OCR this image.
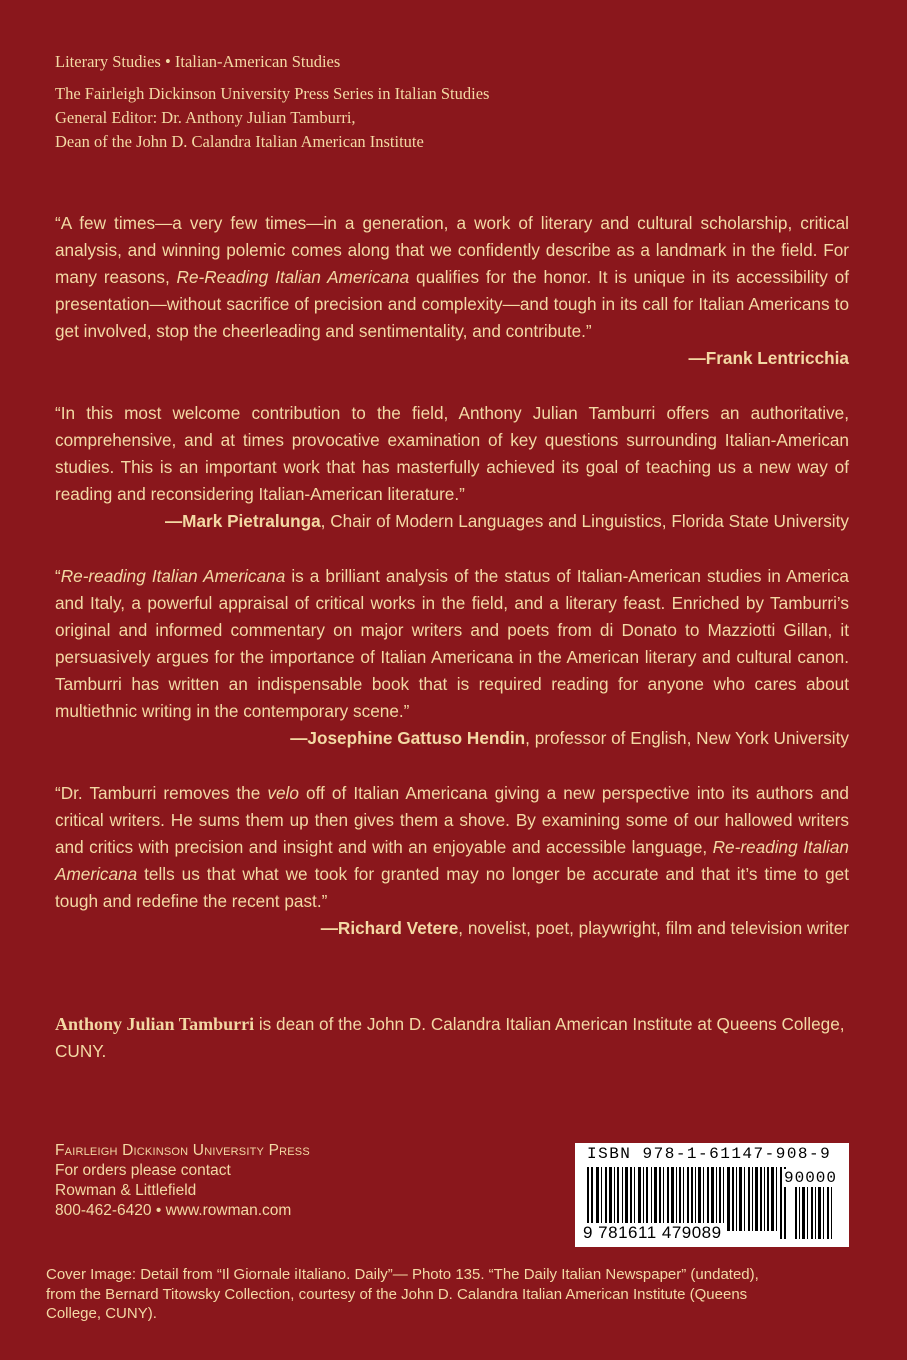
Literary Studies • Italian-American Studies
The Fairleigh Dickinson University Press Series in Italian Studies
General Editor: Dr. Anthony Julian Tamburri,
Dean of the John D. Calandra Italian American Institute

“A few times—a very few times—in a generation, a work of literary and cultural scholarship, critical analysis, and winning polemic comes along that we confidently describe as a landmark in the field. For many reasons, Re-Reading Italian Americana qualifies for the honor. It is unique in its accessibility of presentation—without sacrifice of precision and complexity—and tough in its call for Italian Americans to get involved, stop the cheerleading and sentimentality, and contribute.”

—Frank Lentricchia

“In this most welcome contribution to the field, Anthony Julian Tamburri offers an authoritative, comprehensive, and at times provocative examination of key questions surrounding Italian-American studies. This is an important work that has masterfully achieved its goal of teaching us a new way of reading and reconsidering Italian-American literature.”

—Mark Pietralunga, Chair of Modern Languages and Linguistics, Florida State University

“Re-reading Italian Americana is a brilliant analysis of the status of Italian-American studies in America and Italy, a powerful appraisal of critical works in the field, and a literary feast. Enriched by Tamburri’s original and informed commentary on major writers and poets from di Donato to Mazziotti Gillan, it persuasively argues for the importance of Italian Americana in the American literary and cultural canon. Tamburri has written an indispensable book that is required reading for anyone who cares about multiethnic writing in the contemporary scene.”

—Josephine Gattuso Hendin, professor of English, New York University

“Dr. Tamburri removes the velo off of Italian Americana giving a new perspective into its authors and critical writers. He sums them up then gives them a shove. By examining some of our hallowed writers and critics with precision and insight and with an enjoyable and accessible language, Re-reading Italian Americana tells us that what we took for granted may no longer be accurate and that it’s time to get tough and redefine the recent past.”

—Richard Vetere, novelist, poet, playwright, film and television writer
Anthony Julian Tamburri is dean of the John D. Calandra Italian American Institute at Queens College, CUNY.
Fairleigh Dickinson University Press
For orders please contact
Rowman & Littlefield
800-462-6420 • www.rowman.com
ISBN 978-1-61147-908-9
90000
9 781611 479089
Cover Image: Detail from “Il Giornale iItaliano. Daily”— Photo 135. “The Daily Italian Newspaper” (undated), from the Bernard Titowsky Collection, courtesy of the John D. Calandra Italian American Institute (Queens College, CUNY).
